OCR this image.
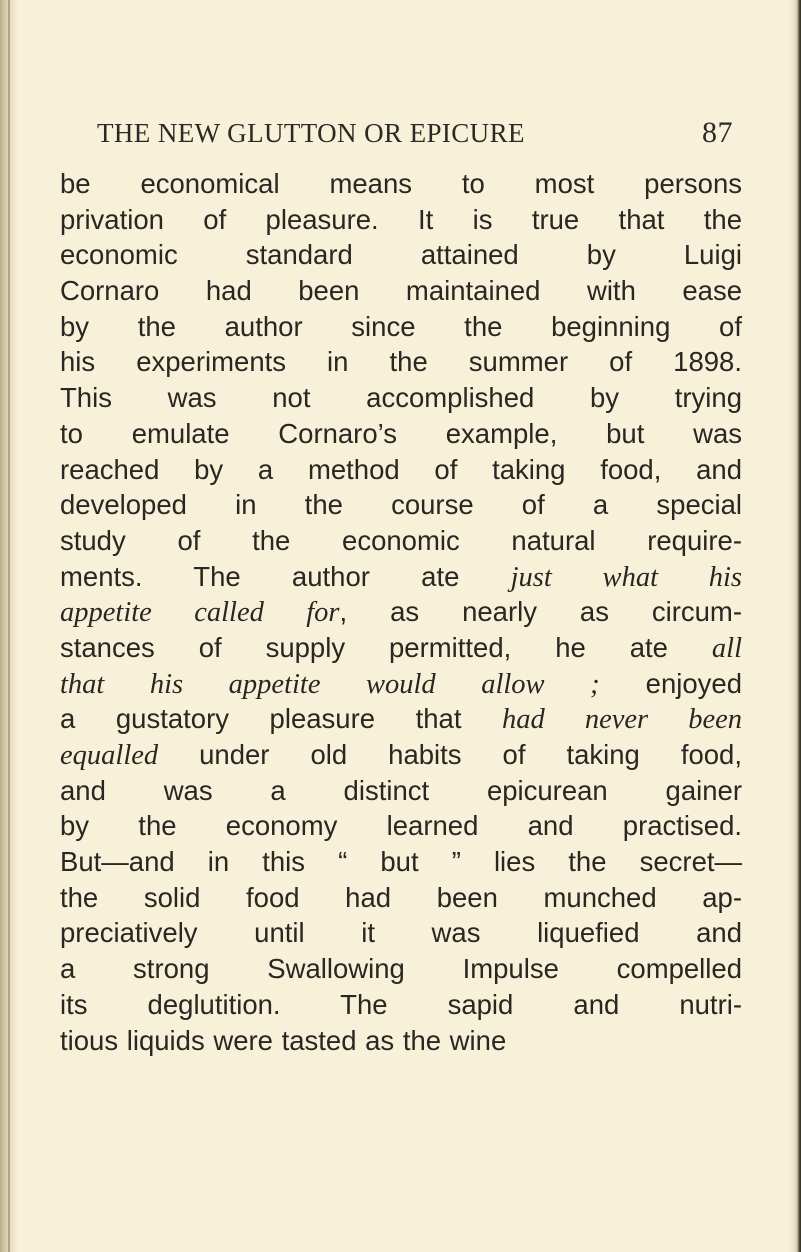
THE NEW GLUTTON OR EPICURE	87
be economical means to most persons
privation of pleasure. It is true that the
economic standard attained by Luigi
Cornaro had been maintained with ease
by the author since the beginning of
his experiments in the summer of 1898.
This was not accomplished by trying
to emulate Cornaro’s example, but was
reached by a method of taking food, and
developed in the course of a special
study of the economic natural require-
ments. The author ate just what his
appetite called for, as nearly as circum-
stances of supply permitted, he ate all
that his appetite would allow ; enjoyed
a gustatory pleasure that had never been
equalled under old habits of taking food,
and was a distinct epicurean gainer
by the economy learned and practised.
But—and in this “ but ” lies the secret—
the solid food had been munched ap-
preciatively until it was liquefied and
a strong Swallowing Impulse compelled
its deglutition. The sapid and nutri-
tious liquids were tasted as the wine
